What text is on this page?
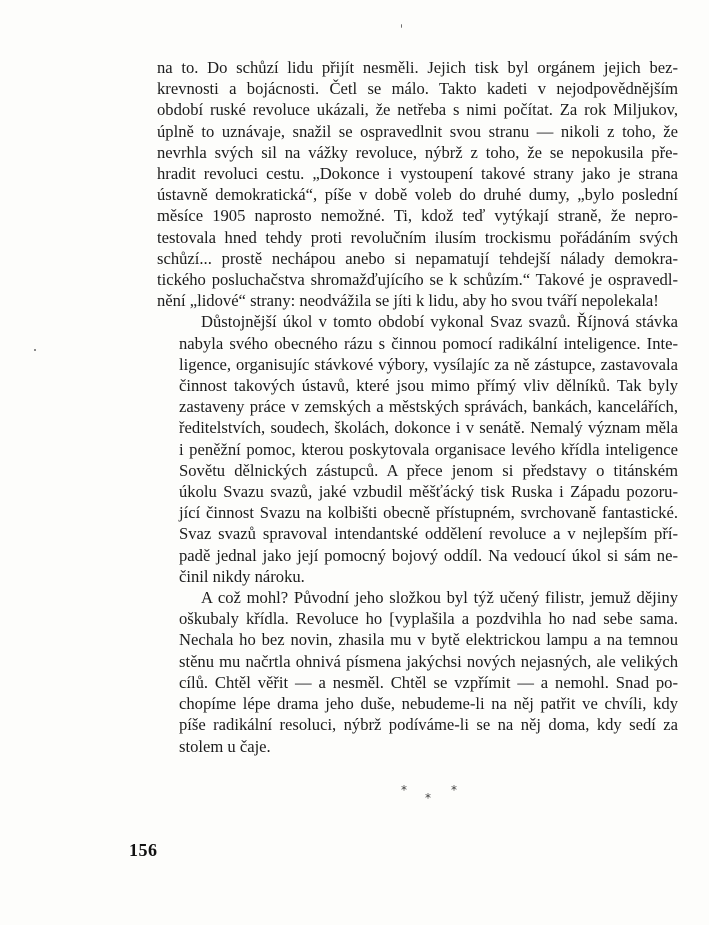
na to. Do schůzí lidu přijít nesměli. Jejich tisk byl orgánem jejich bez-
krevnosti a bojácnosti. Četl se málo. Takto kadeti v nejodpovědnějším
období ruské revoluce ukázali, že netřeba s nimi počítat. Za rok Miljukov,
úplně to uznávaje, snažil se ospravedlnit svou stranu — nikoli z toho, že
nevrhla svých sil na vážky revoluce, nýbrž z toho, že se nepokusila pře-
hradit revoluci cestu. „Dokonce i vystoupení takové strany jako je strana
ústavně demokratická“, píše v době voleb do druhé dumy, „bylo poslední
měsíce 1905 naprosto nemožné. Ti, kdož teď vytýkají straně, že nepro-
testovala hned tehdy proti revolučním ilusím trockismu pořádáním svých
schůzí... prostě nechápou anebo si nepamatují tehdejší nálady demokra-
tického posluchačstva shromažďujícího se k schůzím.“ Takové je ospravedl-
nění „lidové“ strany: neodvážila se jíti k lidu, aby ho svou tváří nepolekala!

Důstojnější úkol v tomto období vykonal Svaz svazů. Říjnová stávka
nabyla svého obecného rázu s činnou pomocí radikální inteligence. Inte-
ligence, organisujíc stávkové výbory, vysílajíc za ně zástupce, zastavovala
činnost takových ústavů, které jsou mimo přímý vliv dělníků. Tak byly
zastaveny práce v zemských a městských správách, bankách, kancelářích,
ředitelstvích, soudech, školách, dokonce i v senátě. Nemalý význam měla
i peněžní pomoc, kterou poskytovala organisace levého křídla inteligence
Sovětu dělnických zástupců. A přece jenom si představy o titánském
úkolu Svazu svazů, jaké vzbudil měšťácký tisk Ruska i Západu pozoru-
jící činnost Svazu na kolbišti obecně přístupném, svrchovaně fantastické.
Svaz svazů spravoval intendantské oddělení revoluce a v nejlepším pří-
padě jednal jako její pomocný bojový oddíl. Na vedoucí úkol si sám ne-
činil nikdy nároku.

A což mohl? Původní jeho složkou byl týž učený filistr, jemuž dějiny
oškubaly křídla. Revoluce ho [vyplašila a pozdvihla ho nad sebe sama.
Nechala ho bez novin, zhasila mu v bytě elektrickou lampu a na temnou
stěnu mu načrtla ohnivá písmena jakýchsi nových nejasných, ale velikých
cílů. Chtěl věřit — a nesměl. Chtěl se vzpřímit — a nemohl. Snad po-
chopíme lépe drama jeho duše, nebudeme-li na něj patřit ve chvíli, kdy
píše radikální resoluci, nýbrž podíváme-li se na něj doma, kdy sedí za
stolem u čaje.

*
*
*
156
